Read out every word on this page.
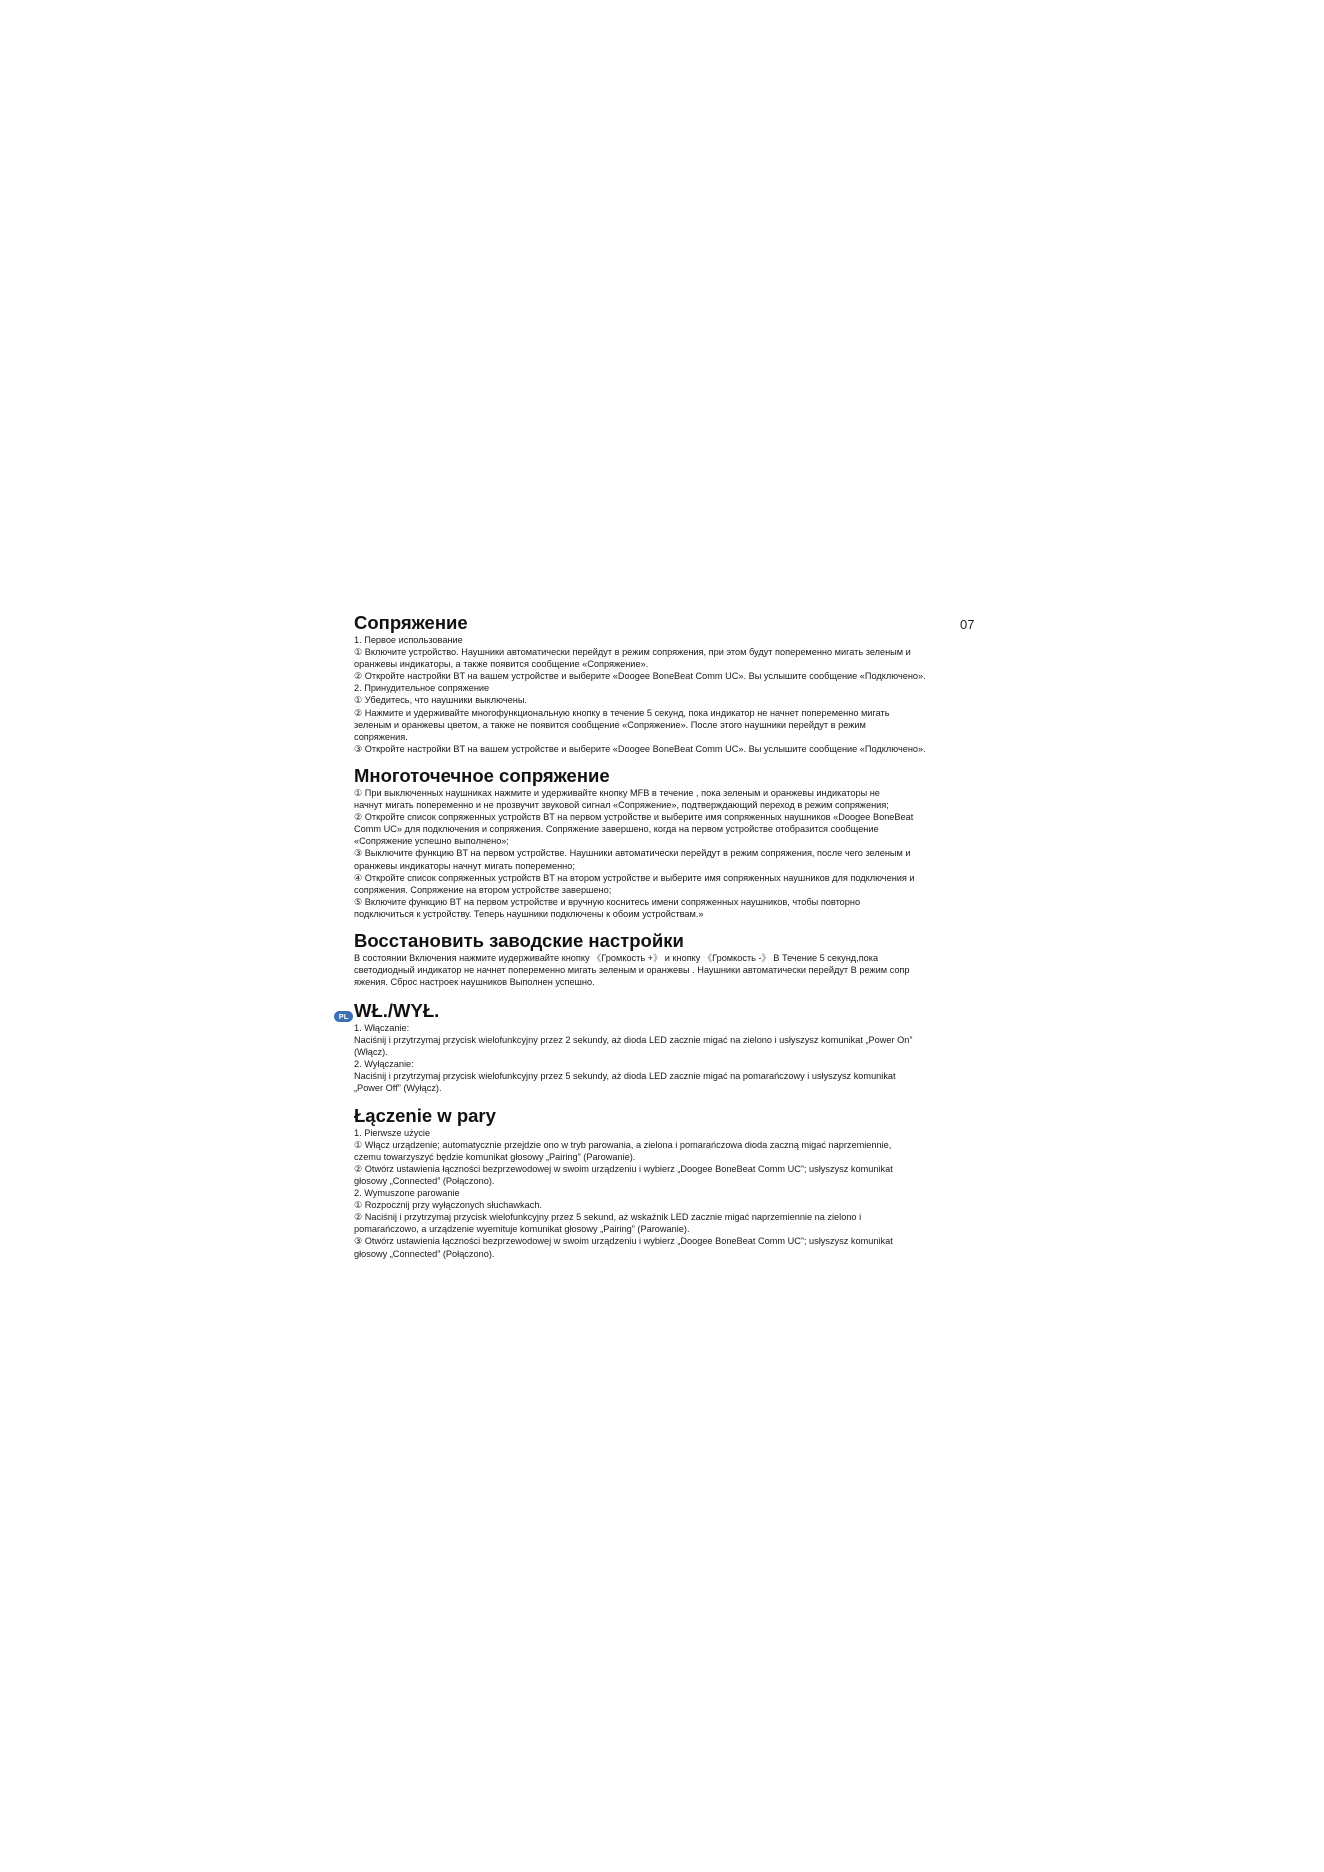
07
Сопряжение

1. Первое использование

① Включите устройство. Наушники автоматически перейдут в режим сопряжения, при этом будут попеременно мигать зеленым и

оранжевы индикаторы, а также появится сообщение «Сопряжение».

② Откройте настройки BT на вашем устройстве и выберите «Doogee BoneBeat Comm UC». Вы услышите сообщение «Подключено».

2. Принудительное сопряжение

① Убедитесь, что наушники выключены.

② Нажмите и удерживайте многофункциональную кнопку в течение 5 секунд, пока индикатор не начнет попеременно мигать

зеленым и оранжевы цветом, а также не появится сообщение «Сопряжение». После этого наушники перейдут в режим

сопряжения.

③ Откройте настройки BT на вашем устройстве и выберите «Doogee BoneBeat Comm UC». Вы услышите сообщение «Подключено».

Многоточечное сопряжение

① При выключенных наушниках нажмите и удерживайте кнопку MFB в течение , пока зеленым и оранжевы индикаторы не

начнут мигать попеременно и не прозвучит звуковой сигнал «Сопряжение», подтверждающий переход в режим сопряжения;

② Откройте список сопряженных устройств BT на первом устройстве и выберите имя сопряженных наушников «Doogee BoneBeat

Comm UC» для подключения и сопряжения. Сопряжение завершено, когда на первом устройстве отобразится сообщение

«Сопряжение успешно выполнено»;

③ Выключите функцию BT на первом устройстве. Наушники автоматически перейдут в режим сопряжения, после чего зеленым и

оранжевы индикаторы начнут мигать попеременно;

④ Откройте список сопряженных устройств BT на втором устройстве и выберите имя сопряженных наушников для подключения и

сопряжения. Сопряжение на втором устройстве завершено;

⑤ Включите функцию BT на первом устройстве и вручную коснитесь имени сопряженных наушников, чтобы повторно

подключиться к устройству. Теперь наушники подключены к обоим устройствам.»

Восстановить заводские настройки

В состоянии Включения нажмите иудерживайте кнопку 《Громкость +》 и кнопку 《Громкость -》 В Течение 5 секунд,пока

светодиодный индикатор не начнет попеременно мигать зеленым и оранжевы . Наушники автоматически перейдут В режим сопр

яжения. Сброс настроек наушников Выполнен успешно.

PL WŁ./WYŁ.

1. Włączanie:

Naciśnij i przytrzymaj przycisk wielofunkcyjny przez 2 sekundy, aż dioda LED zacznie migać na zielono i usłyszysz komunikat „Power On”

(Włącz).

2. Wyłączanie:

Naciśnij i przytrzymaj przycisk wielofunkcyjny przez 5 sekundy, aż dioda LED zacznie migać na pomarańczowy i usłyszysz komunikat

„Power Off” (Wyłącz).

Łączenie w pary

1. Pierwsze użycie

① Włącz urządzenie; automatycznie przejdzie ono w tryb parowania, a zielona i pomarańczowa dioda zaczną migać naprzemiennie,

czemu towarzyszyć będzie komunikat głosowy „Pairing” (Parowanie).

② Otwórz ustawienia łączności bezprzewodowej w swoim urządzeniu i wybierz „Doogee BoneBeat Comm UC”; usłyszysz komunikat

głosowy „Connected” (Połączono).

2. Wymuszone parowanie

① Rozpocznij przy wyłączonych słuchawkach.

② Naciśnij i przytrzymaj przycisk wielofunkcyjny przez 5 sekund, aż wskaźnik LED zacznie migać naprzemiennie na zielono i

pomarańczowo, a urządzenie wyemituje komunikat głosowy „Pairing” (Parowanie).

③ Otwórz ustawienia łączności bezprzewodowej w swoim urządzeniu i wybierz „Doogee BoneBeat Comm UC”; usłyszysz komunikat

głosowy „Connected” (Połączono).
